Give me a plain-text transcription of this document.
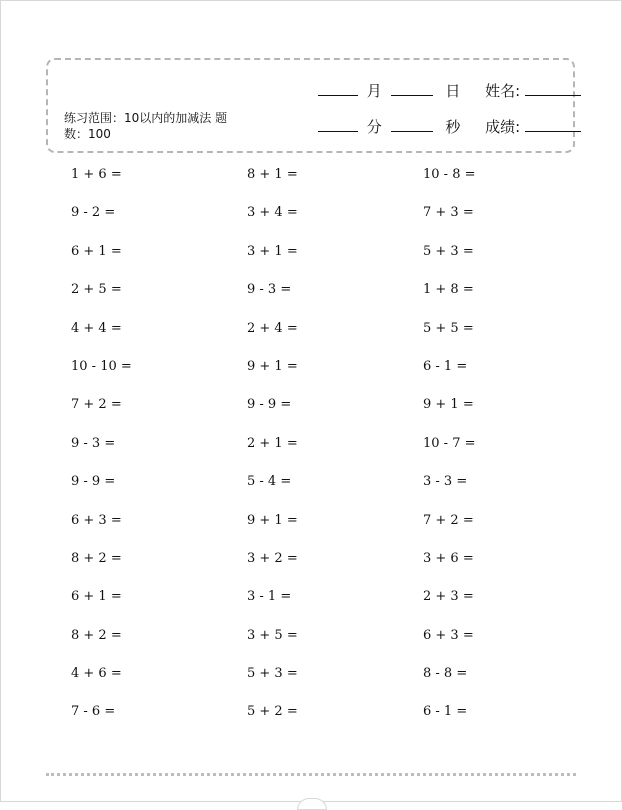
月	日 姓名:
分	秒 成绩:
练习范围：10以内的加减法 题数：100
1 + 6 =	8 + 1 =	10 - 8 =
9 - 2 =	3 + 4 =	7 + 3 =
6 + 1 =	3 + 1 =	5 + 3 =
2 + 5 =	9 - 3 =	1 + 8 =
4 + 4 =	2 + 4 =	5 + 5 =
10 - 10 =	9 + 1 =	6 - 1 =
7 + 2 =	9 - 9 =	9 + 1 =
9 - 3 =	2 + 1 =	10 - 7 =
9 - 9 =	5 - 4 =	3 - 3 =
6 + 3 =	9 + 1 =	7 + 2 =
8 + 2 =	3 + 2 =	3 + 6 =
6 + 1 =	3 - 1 =	2 + 3 =
8 + 2 =	3 + 5 =	6 + 3 =
4 + 6 =	5 + 3 =	8 - 8 =
7 - 6 =	5 + 2 =	6 - 1 =
